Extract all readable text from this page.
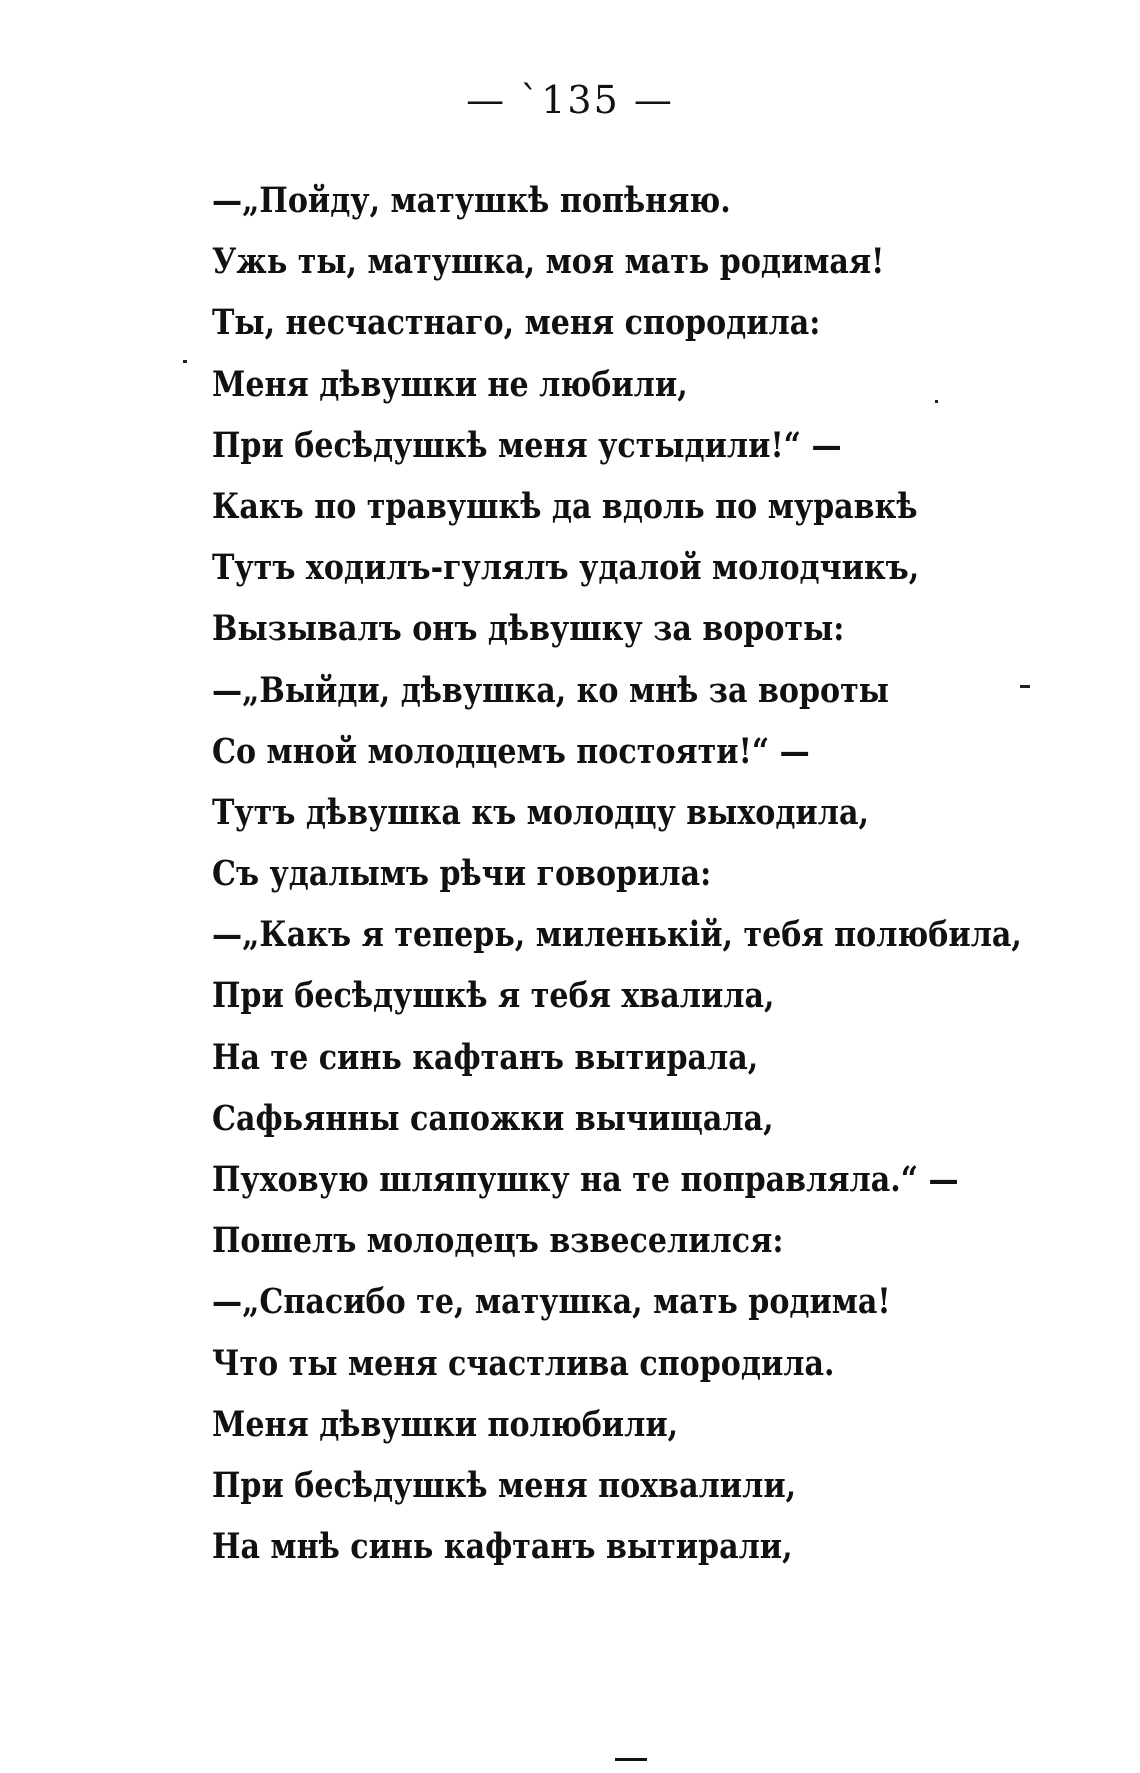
— ˋ135 —
—„Пойду, матушкѣ попѣняю.
Ужь ты, матушка, моя мать родимая!
Ты, несчастнаго, меня спородила:
Меня дѣвушки не любили,
При бесѣдушкѣ меня устыдили!“ —
Какъ по травушкѣ да вдоль по муравкѣ
Тутъ ходилъ-гулялъ удалой молодчикъ,
Вызывалъ онъ дѣвушку за вороты:
—„Выйди, дѣвушка, ко мнѣ за вороты
Со мной молодцемъ постояти!“ —
Тутъ дѣвушка къ молодцу выходила,
Съ удалымъ рѣчи говорила:
—„Какъ я теперь, миленькій, тебя полюбила,
При бесѣдушкѣ я тебя хвалила,
На те синь кафтанъ вытирала,
Сафьянны сапожки вычищала,
Пуховую шляпушку на те поправляла.“ —
Пошелъ молодецъ взвеселился:
—„Спасибо те, матушка, мать родима!
Что ты меня счастлива спородила.
Меня дѣвушки полюбили,
При бесѣдушкѣ меня похвалили,
На мнѣ синь кафтанъ вытирали,
